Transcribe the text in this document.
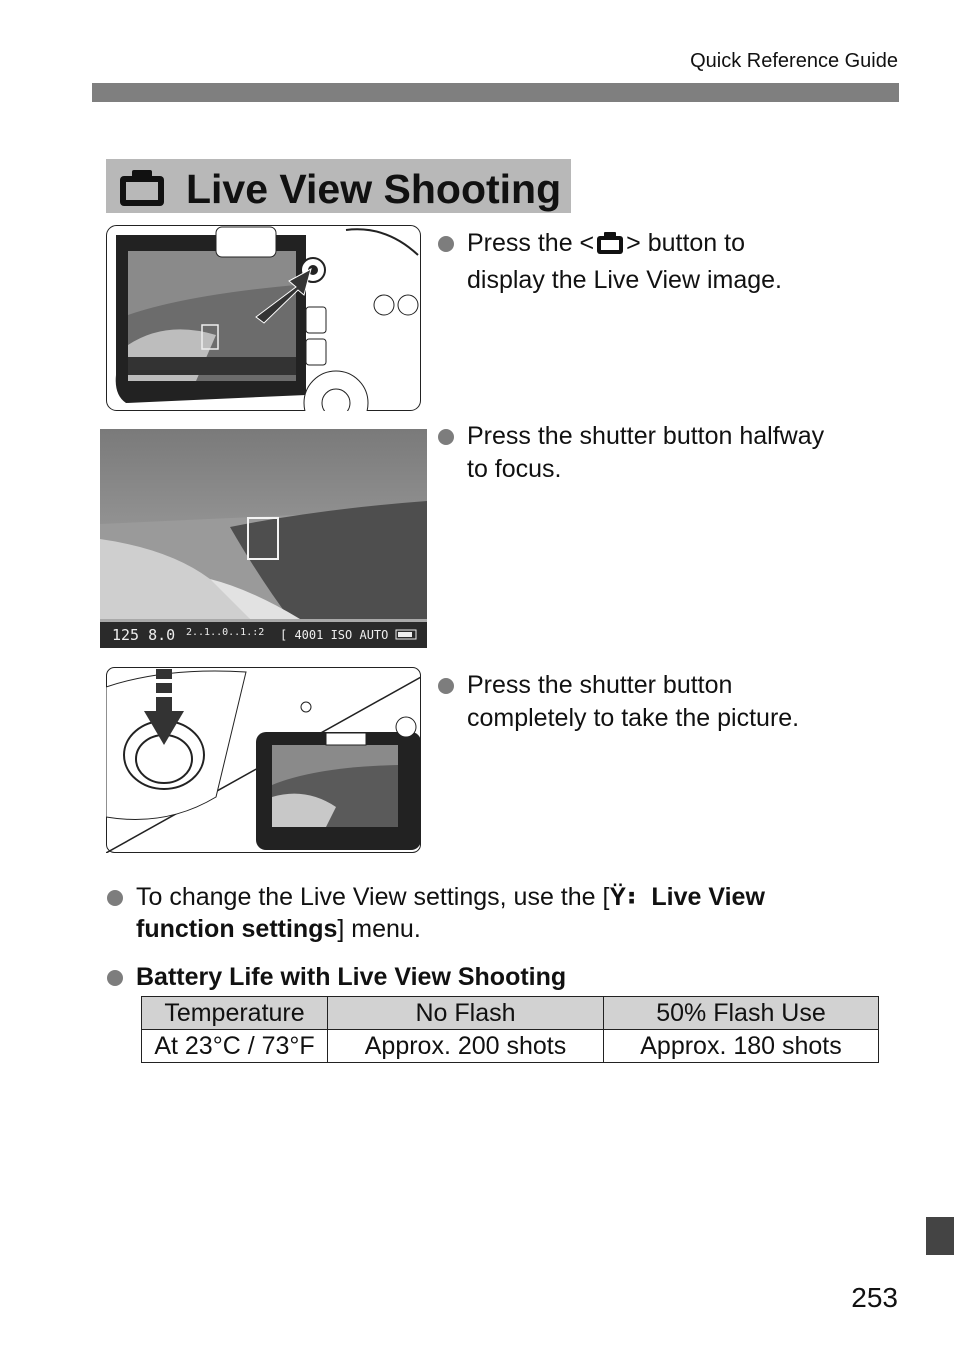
Quick Reference Guide
Live View Shooting
Press the < > button to
display the Live View image.
125 8.0 2..1..0..1.:2 [ 4001 ISO AUTO
Press the shutter button halfway
to focus.
Press the shutter button
completely to take the picture.
To change the Live View settings, use the [Ÿ⠆ Live View
function settings] menu.
Battery Life with Live View Shooting
Temperature	No Flash	50% Flash Use
At 23°C / 73°F	Approx. 200 shots	Approx. 180 shots
253
